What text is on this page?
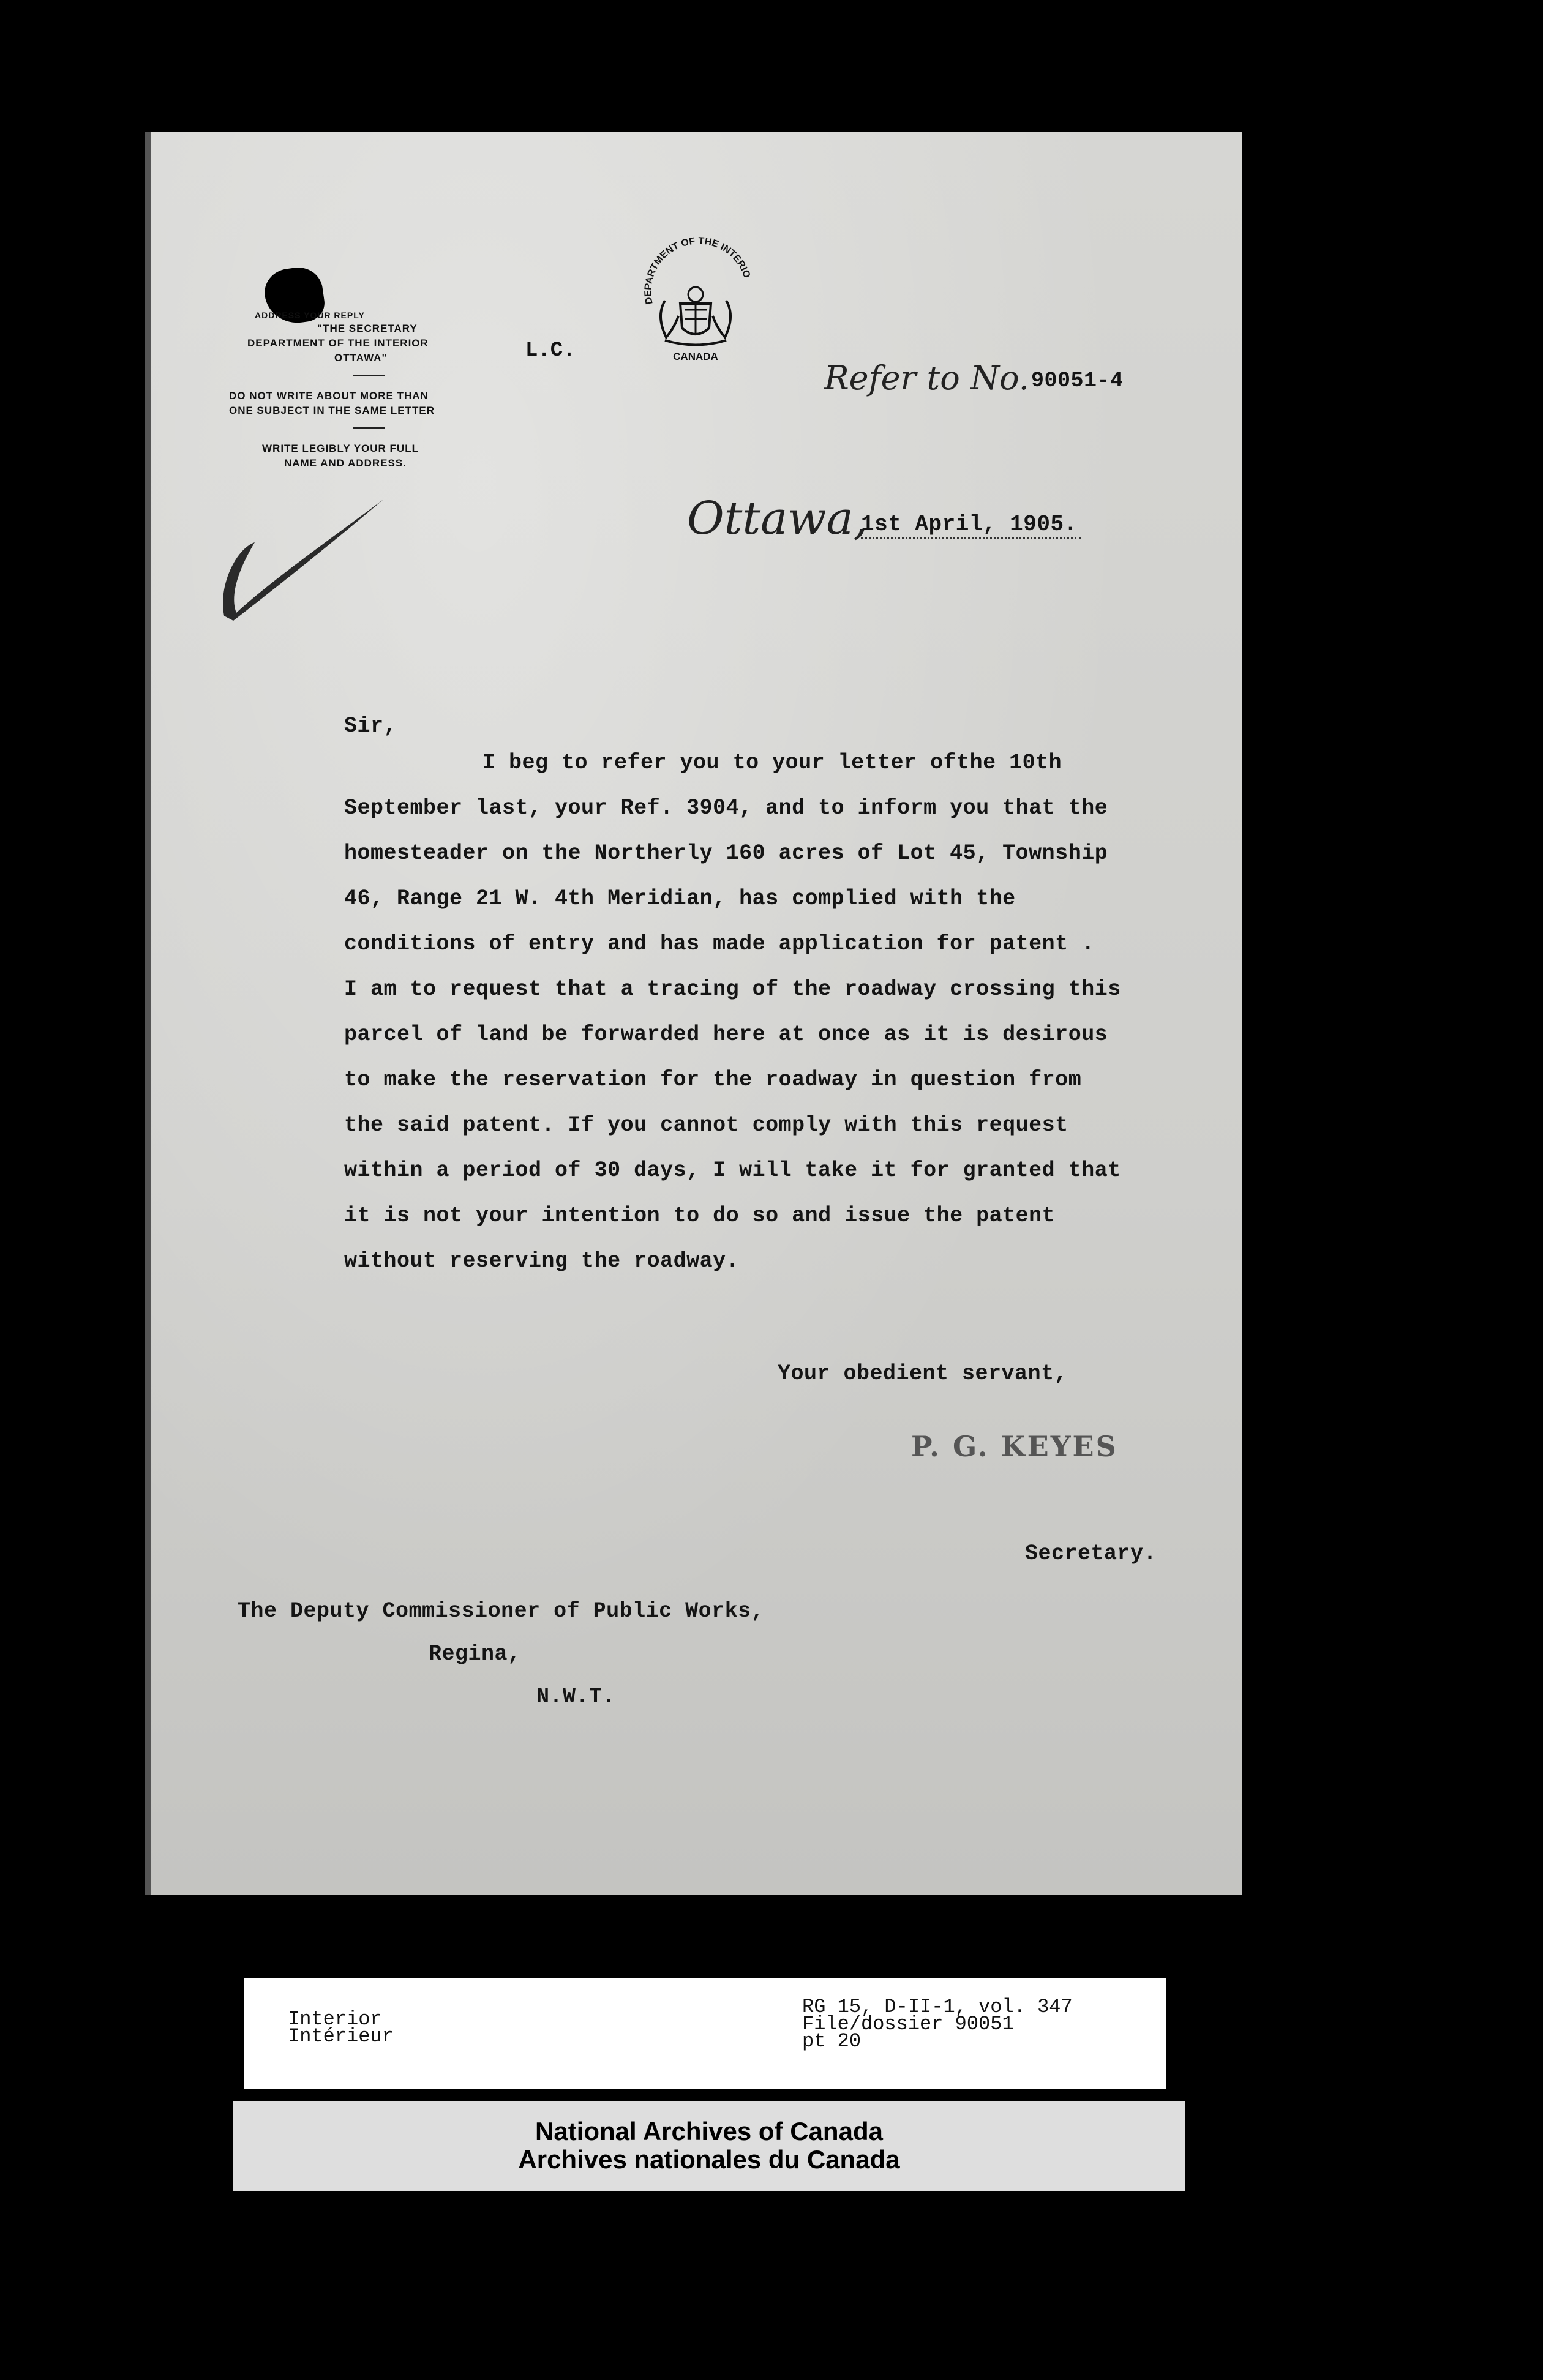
ADDRESS YOUR REPLY
"THE SECRETARY
DEPARTMENT OF THE INTERIOR
OTTAWA"
DO NOT WRITE ABOUT MORE THAN
ONE SUBJECT IN THE SAME LETTER
WRITE LEGIBLY YOUR FULL
NAME AND ADDRESS.
L.C.
DEPARTMENT OF THE INTERIO
CANADA
Refer to No. 90051-4
Ottawa,
1st April, 1905.
Sir,
I beg to refer you to your letter ofthe 10th
September last, your Ref. 3904, and to inform you that the
homesteader on the Northerly 160 acres of Lot 45, Township
46, Range 21 W. 4th Meridian, has complied with the
conditions of entry and has made application for patent .
I am to request that a tracing of the roadway crossing this
parcel of land be forwarded here at once as it is desirous
to make the reservation for the roadway in question from
the said patent. If you cannot comply with this request
within a period of 30 days, I will take it for granted that
it is not your intention to do so and issue the patent
without reserving the roadway.
Your obedient servant,
P. G. KEYES
Secretary.
The Deputy Commissioner of Public Works,
Regina,
N.W.T.
Interior
Intérieur
RG 15, D-II-1, vol. 347
File/dossier 90051
pt 20
National Archives of Canada
Archives nationales du Canada
